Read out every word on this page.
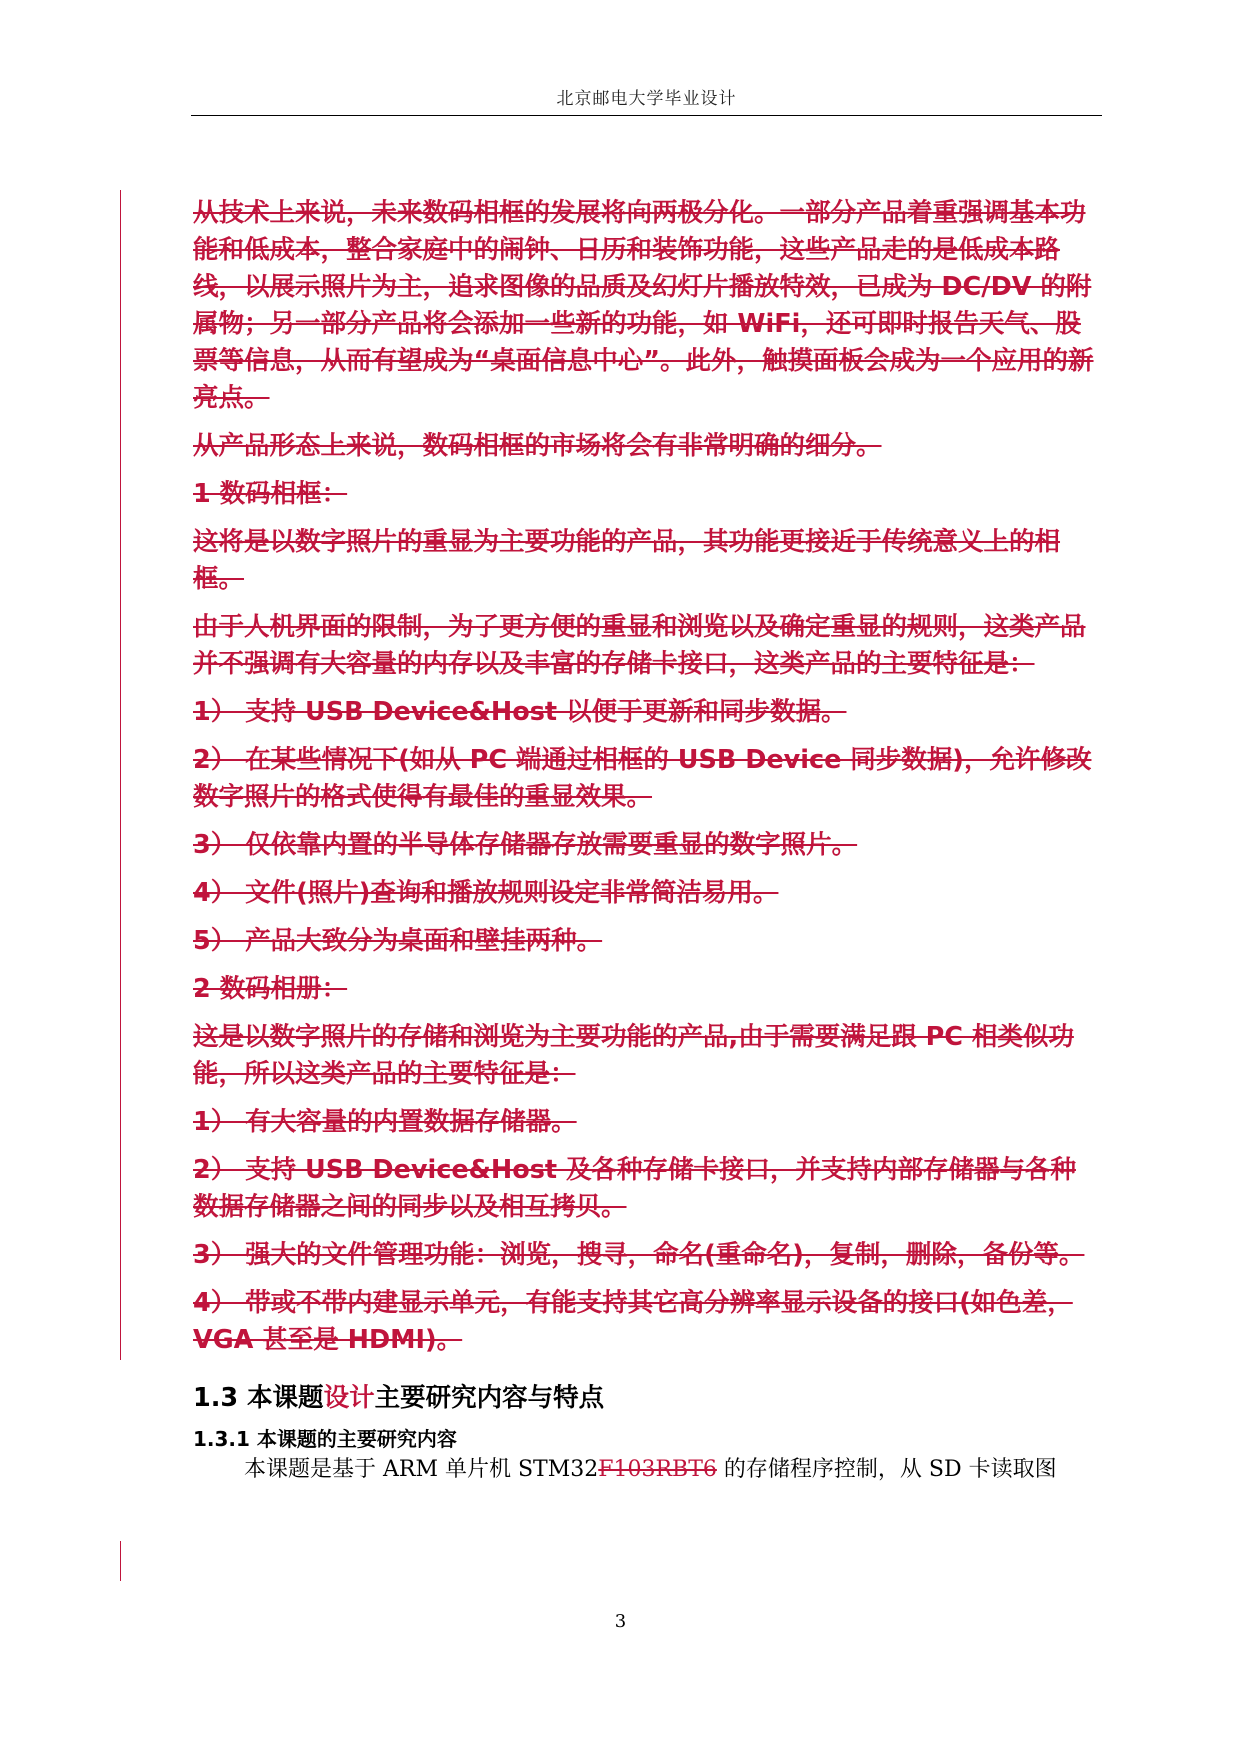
北京邮电大学毕业设计

从技术上来说，未来数码相框的发展将向两极分化。一部分产品着重强调基本功能和低成本，整合家庭中的闹钟、日历和装饰功能，这些产品走的是低成本路线，以展示照片为主，追求图像的品质及幻灯片播放特效，已成为 DC/DV 的附属物；另一部分产品将会添加一些新的功能，如 WiFi，还可即时报告天气、股票等信息，从而有望成为“桌面信息中心”。此外，触摸面板会成为一个应用的新亮点。

从产品形态上来说，数码相框的市场将会有非常明确的细分。

1 数码相框：

这将是以数字照片的重显为主要功能的产品，其功能更接近于传统意义上的相框。

由于人机界面的限制，为了更方便的重显和浏览以及确定重显的规则，这类产品并不强调有大容量的内存以及丰富的存储卡接口，这类产品的主要特征是：

1） 支持 USB Device&Host 以便于更新和同步数据。

2） 在某些情况下(如从 PC 端通过相框的 USB Device 同步数据)，允许修改数字照片的格式使得有最佳的重显效果。

3） 仅依靠内置的半导体存储器存放需要重显的数字照片。

4） 文件(照片)查询和播放规则设定非常简洁易用。

5） 产品大致分为桌面和壁挂两种。

2 数码相册：

这是以数字照片的存储和浏览为主要功能的产品,由于需要满足跟 PC 相类似功能，所以这类产品的主要特征是：

1） 有大容量的内置数据存储器。

2） 支持 USB Device&Host 及各种存储卡接口，并支持内部存储器与各种数据存储器之间的同步以及相互拷贝。

3） 强大的文件管理功能：浏览，搜寻，命名(重命名)，复制，删除，备份等。

4） 带或不带内建显示单元，有能支持其它高分辨率显示设备的接口(如色差，VGA 甚至是 HDMI)。

1.3 本课题设计主要研究内容与特点
1.3.1 本课题的主要研究内容
本课题是基于 ARM 单片机 STM32F103RBT6 的存储程序控制，从 SD 卡读取图
3
